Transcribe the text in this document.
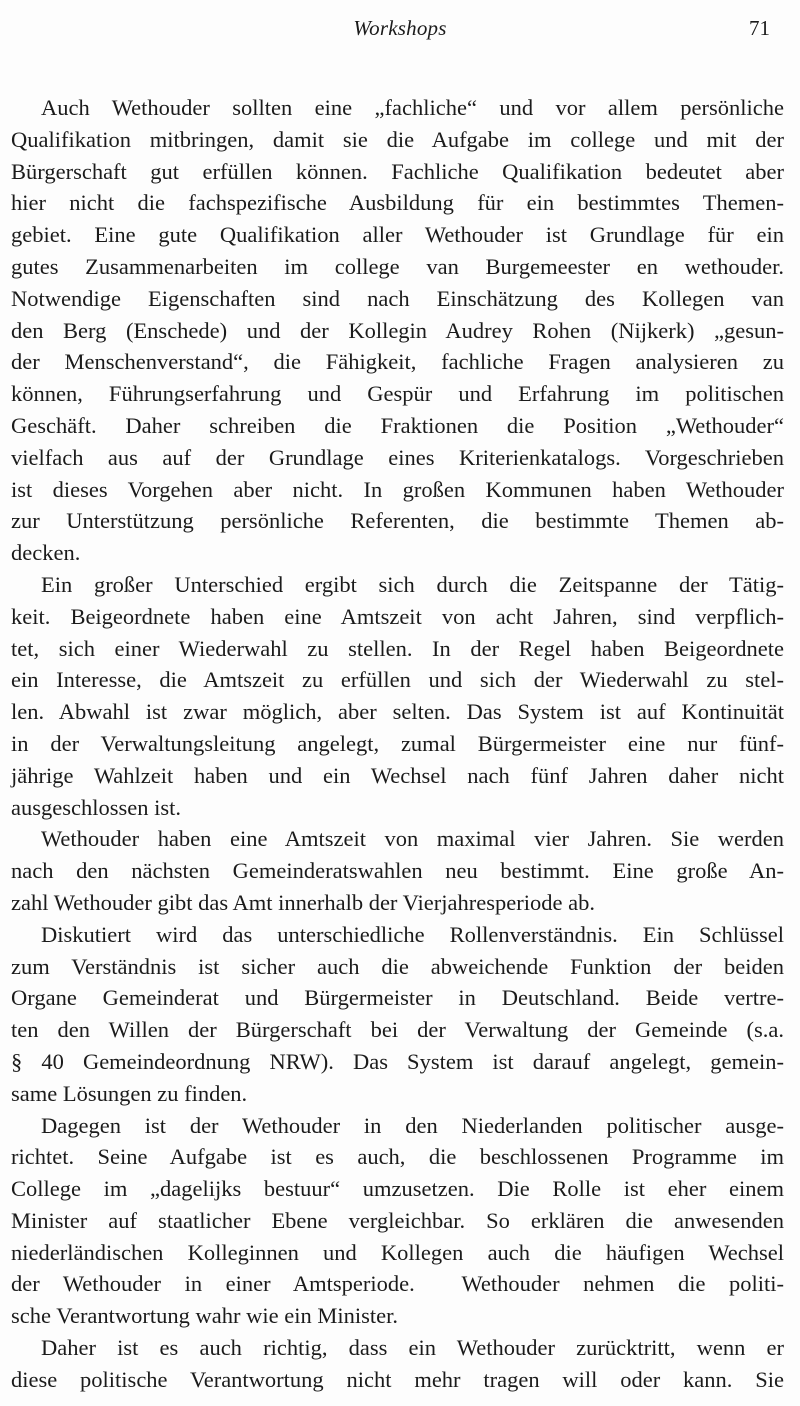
Workshops	71
Auch Wethouder sollten eine „fachliche“ und vor allem persönliche
Qualifikation mitbringen, damit sie die Aufgabe im college und mit der
Bürgerschaft gut erfüllen können. Fachliche Qualifikation bedeutet aber
hier nicht die fachspezifische Ausbildung für ein bestimmtes Themen-
gebiet. Eine gute Qualifikation aller Wethouder ist Grundlage für ein
gutes Zusammenarbeiten im college van Burgemeester en wethouder.
Notwendige Eigenschaften sind nach Einschätzung des Kollegen van
den Berg (Enschede) und der Kollegin Audrey Rohen (Nijkerk) „gesun-
der Menschenverstand“, die Fähigkeit, fachliche Fragen analysieren zu
können, Führungserfahrung und Gespür und Erfahrung im politischen
Geschäft. Daher schreiben die Fraktionen die Position „Wethouder“
vielfach aus auf der Grundlage eines Kriterienkatalogs. Vorgeschrieben
ist dieses Vorgehen aber nicht. In großen Kommunen haben Wethouder
zur Unterstützung persönliche Referenten, die bestimmte Themen ab-
decken.
Ein großer Unterschied ergibt sich durch die Zeitspanne der Tätig-
keit. Beigeordnete haben eine Amtszeit von acht Jahren, sind verpflich-
tet, sich einer Wiederwahl zu stellen. In der Regel haben Beigeordnete
ein Interesse, die Amtszeit zu erfüllen und sich der Wiederwahl zu stel-
len. Abwahl ist zwar möglich, aber selten. Das System ist auf Kontinuität
in der Verwaltungsleitung angelegt, zumal Bürgermeister eine nur fünf-
jährige Wahlzeit haben und ein Wechsel nach fünf Jahren daher nicht
ausgeschlossen ist.
Wethouder haben eine Amtszeit von maximal vier Jahren. Sie werden
nach den nächsten Gemeinderatswahlen neu bestimmt. Eine große An-
zahl Wethouder gibt das Amt innerhalb der Vierjahresperiode ab.
Diskutiert wird das unterschiedliche Rollenverständnis. Ein Schlüssel
zum Verständnis ist sicher auch die abweichende Funktion der beiden
Organe Gemeinderat und Bürgermeister in Deutschland. Beide vertre-
ten den Willen der Bürgerschaft bei der Verwaltung der Gemeinde (s.a.
§ 40 Gemeindeordnung NRW). Das System ist darauf angelegt, gemein-
same Lösungen zu finden.
Dagegen ist der Wethouder in den Niederlanden politischer ausge-
richtet. Seine Aufgabe ist es auch, die beschlossenen Programme im
College im „dagelijks bestuur“ umzusetzen. Die Rolle ist eher einem
Minister auf staatlicher Ebene vergleichbar. So erklären die anwesenden
niederländischen Kolleginnen und Kollegen auch die häufigen Wechsel
der Wethouder in einer Amtsperiode.  Wethouder nehmen die politi-
sche Verantwortung wahr wie ein Minister.
Daher ist es auch richtig, dass ein Wethouder zurücktritt, wenn er
diese politische Verantwortung nicht mehr tragen will oder kann. Sie
